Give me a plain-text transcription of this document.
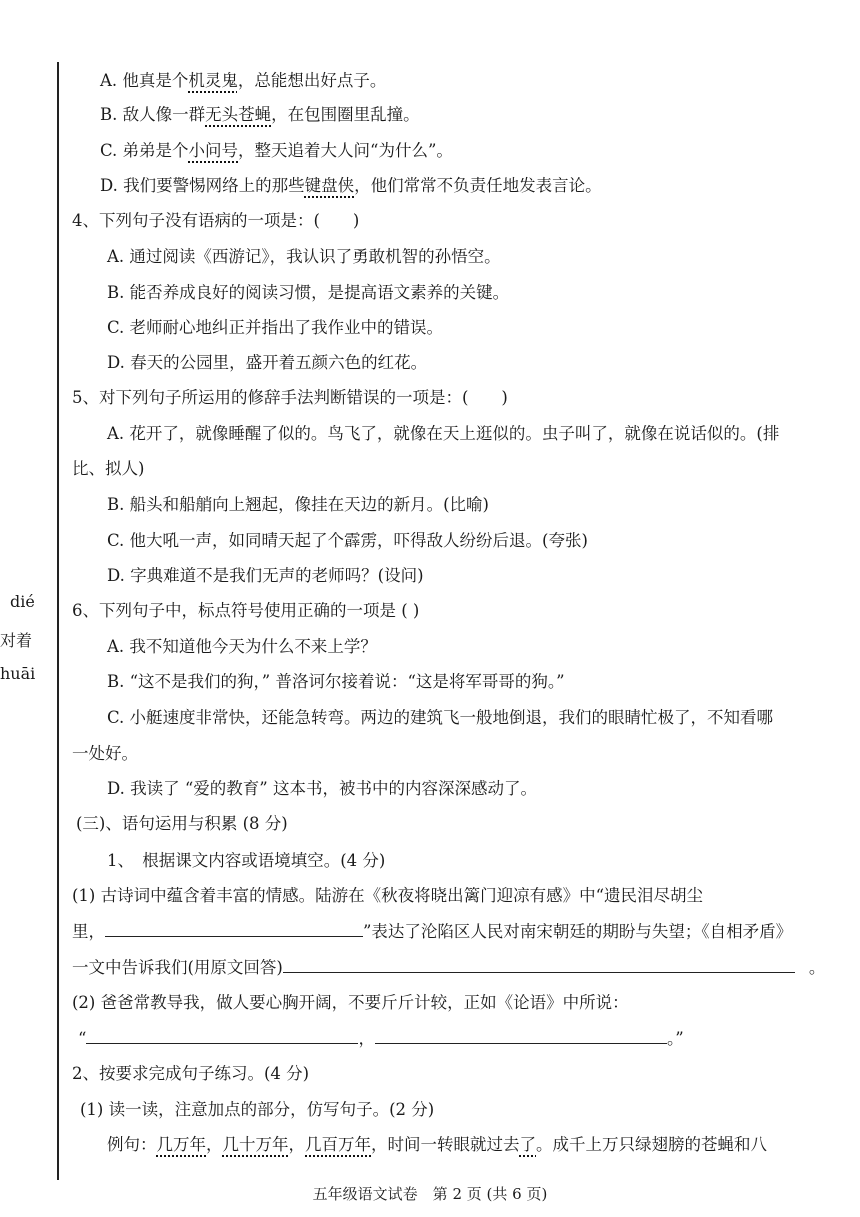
dié
对着
huāi
A. 他真是个机灵鬼，总能想出好点子。
B. 敌人像一群无头苍蝇，在包围圈里乱撞。
C. 弟弟是个小问号，整天追着大人问“为什么”。
D. 我们要警惕网络上的那些键盘侠，他们常常不负责任地发表言论。
4、下列句子没有语病的一项是：(　　)
A. 通过阅读《西游记》，我认识了勇敢机智的孙悟空。
B. 能否养成良好的阅读习惯，是提高语文素养的关键。
C. 老师耐心地纠正并指出了我作业中的错误。
D. 春天的公园里，盛开着五颜六色的红花。
5、对下列句子所运用的修辞手法判断错误的一项是：(　　)
A. 花开了，就像睡醒了似的。鸟飞了，就像在天上逛似的。虫子叫了，就像在说话似的。(排
比、拟人)
B. 船头和船艄向上翘起，像挂在天边的新月。(比喻)
C. 他大吼一声，如同晴天起了个霹雳，吓得敌人纷纷后退。(夸张)
D. 字典难道不是我们无声的老师吗？(设问)
6、下列句子中，标点符号使用正确的一项是 ( )
A. 我不知道他今天为什么不来上学？
B. “这不是我们的狗，” 普洛诃尔接着说：“这是将军哥哥的狗。”
C. 小艇速度非常快，还能急转弯。两边的建筑飞一般地倒退，我们的眼睛忙极了，不知看哪
一处好。
D. 我读了 “爱的教育” 这本书，被书中的内容深深感动了。
(三)、语句运用与积累 (8 分)
1、　根据课文内容或语境填空。(4 分)
(1) 古诗词中蕴含着丰富的情感。陆游在《秋夜将晓出篱门迎凉有感》中“遗民泪尽胡尘
里，	”表达了沦陷区人民对南宋朝廷的期盼与失望；《自相矛盾》
一文中告诉我们(用原文回答)	。
(2) 爸爸常教导我，做人要心胸开阔，不要斤斤计较，正如《论语》中所说：
“	，	。”
2、按要求完成句子练习。(4 分)
(1) 读一读，注意加点的部分，仿写句子。(2 分)
例句：几万年，几十万年，几百万年，时间一转眼就过去了。成千上万只绿翅膀的苍蝇和八
五年级语文试卷　第 2 页 (共 6 页)
